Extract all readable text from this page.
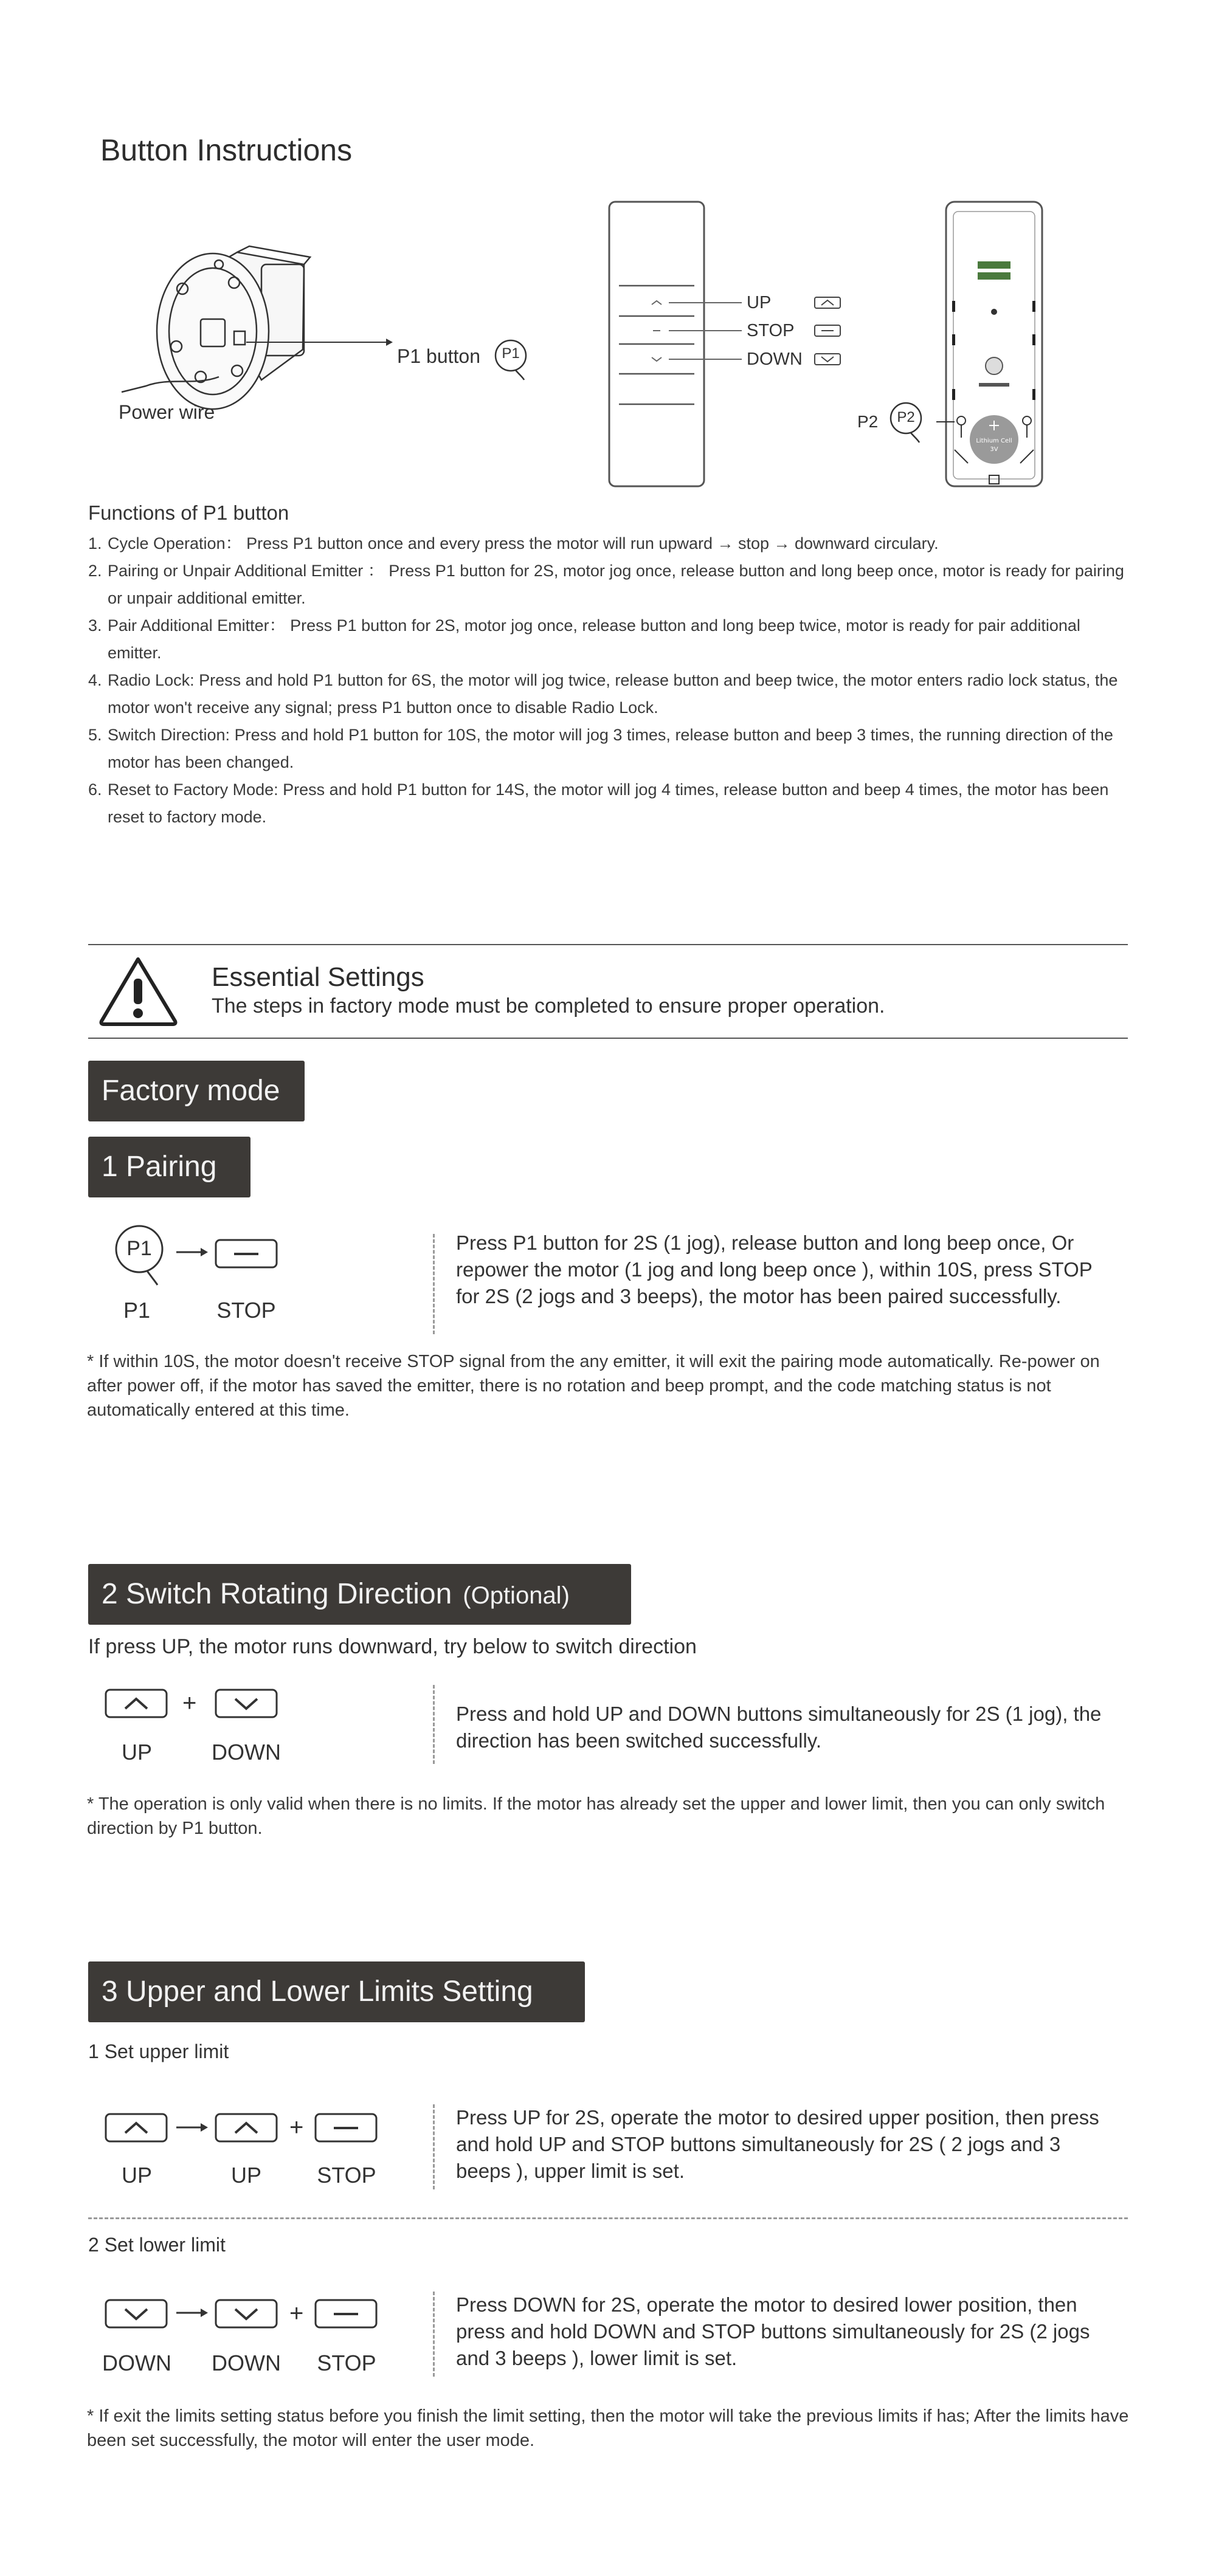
Button Instructions
P1 button	P1
Power wire
UP
STOP
DOWN
Lithium Cell
3V
P2
P2
Functions of P1 button
1. Cycle Operation： Press P1 button once and every press the motor will run upward → stop → downward circulary.
2. Pairing or Unpair Additional Emitter ： Press P1 button for 2S, motor jog once, release button and long beep once, motor is ready for pairing or unpair additional emitter.
3. Pair Additional Emitter： Press P1 button for 2S, motor jog once, release button and long beep twice, motor is ready for pair additional emitter.
4. Radio Lock: Press and hold P1 button for 6S, the motor will jog twice, release button and beep twice, the motor enters radio lock status, the motor won't receive any signal; press P1 button once to disable Radio Lock.
5. Switch Direction: Press and hold P1 button for 10S, the motor will jog 3 times, release button and beep 3 times, the running direction of the motor has been changed.
6. Reset to Factory Mode: Press and hold P1 button for 14S, the motor will jog 4 times, release button and beep 4 times, the motor has been reset to factory mode.
Essential Settings
The steps in factory mode must be completed to ensure proper operation.
Factory mode
1 Pairing
P1
P1	STOP
Press P1 button for 2S (1 jog), release button and long beep once, Or repower the motor (1 jog and long beep once ), within 10S, press STOP for 2S (2 jogs and 3 beeps), the motor has been paired successfully.
* If within 10S, the motor doesn't receive STOP signal from the any emitter, it will exit the pairing mode automatically. Re-power on after power off, if the motor has saved the emitter, there is no rotation and beep prompt, and the code matching status is not automatically entered at this time.
2 Switch Rotating Direction (Optional)
If press UP, the motor runs downward, try below to switch direction
+
UP	DOWN
Press and hold UP and DOWN buttons simultaneously for 2S (1 jog), the direction has been switched successfully.
* The operation is only valid when there is no limits. If the motor has already set the upper and lower limit, then you can only switch direction by P1 button.
3 Upper and Lower Limits Setting
1 Set upper limit
+
UP	UP	STOP
Press UP for 2S, operate the motor to desired upper position, then press and hold UP and STOP buttons simultaneously for 2S ( 2 jogs and 3 beeps ), upper limit is set.
2 Set lower limit
+
DOWN	DOWN	STOP
Press DOWN for 2S, operate the motor to desired lower position, then press and hold DOWN and STOP buttons simultaneously for 2S (2 jogs and 3 beeps ), lower limit is set.
* If exit the limits setting status before you finish the limit setting, then the motor will take the previous limits if has; After the limits have been set successfully, the motor will enter the user mode.
